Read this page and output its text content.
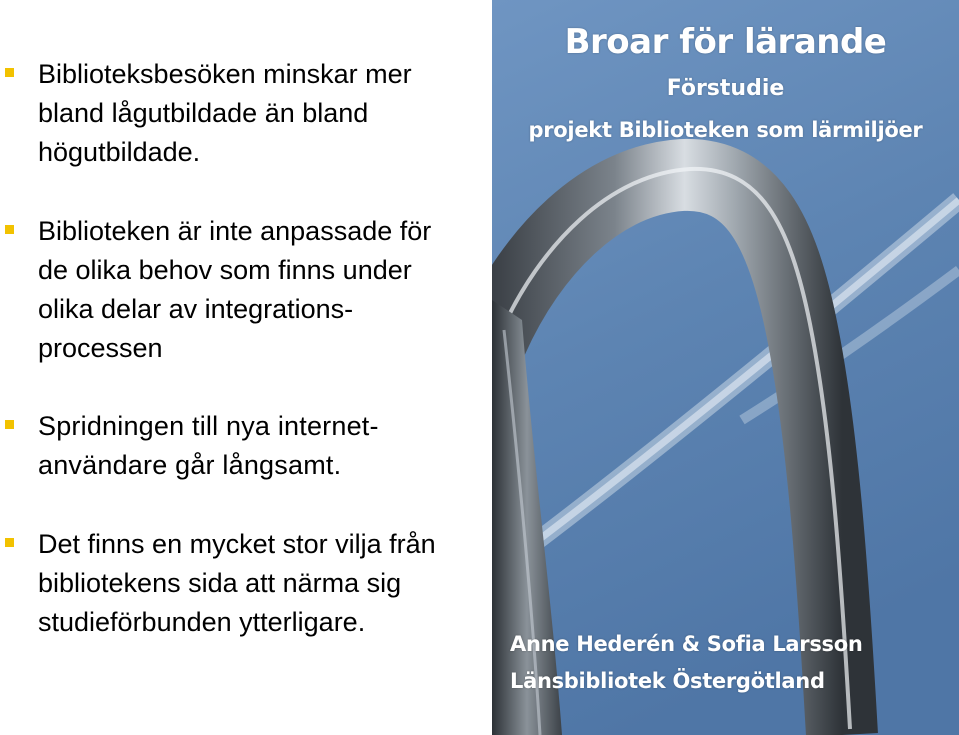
Biblioteksbesöken minskar mer
bland lågutbildade än bland
högutbildade.
Biblioteken är inte anpassade för
de olika behov som finns under
olika delar av integrations-
processen
Spridningen till nya internet-
användare går långsamt.
Det finns en mycket stor vilja från
bibliotekens sida att närma sig
studieförbunden ytterligare.
Broar för lärande
Förstudie
projekt Biblioteken som lärmiljöer
Anne Hederén & Sofia Larsson
Länsbibliotek Östergötland
